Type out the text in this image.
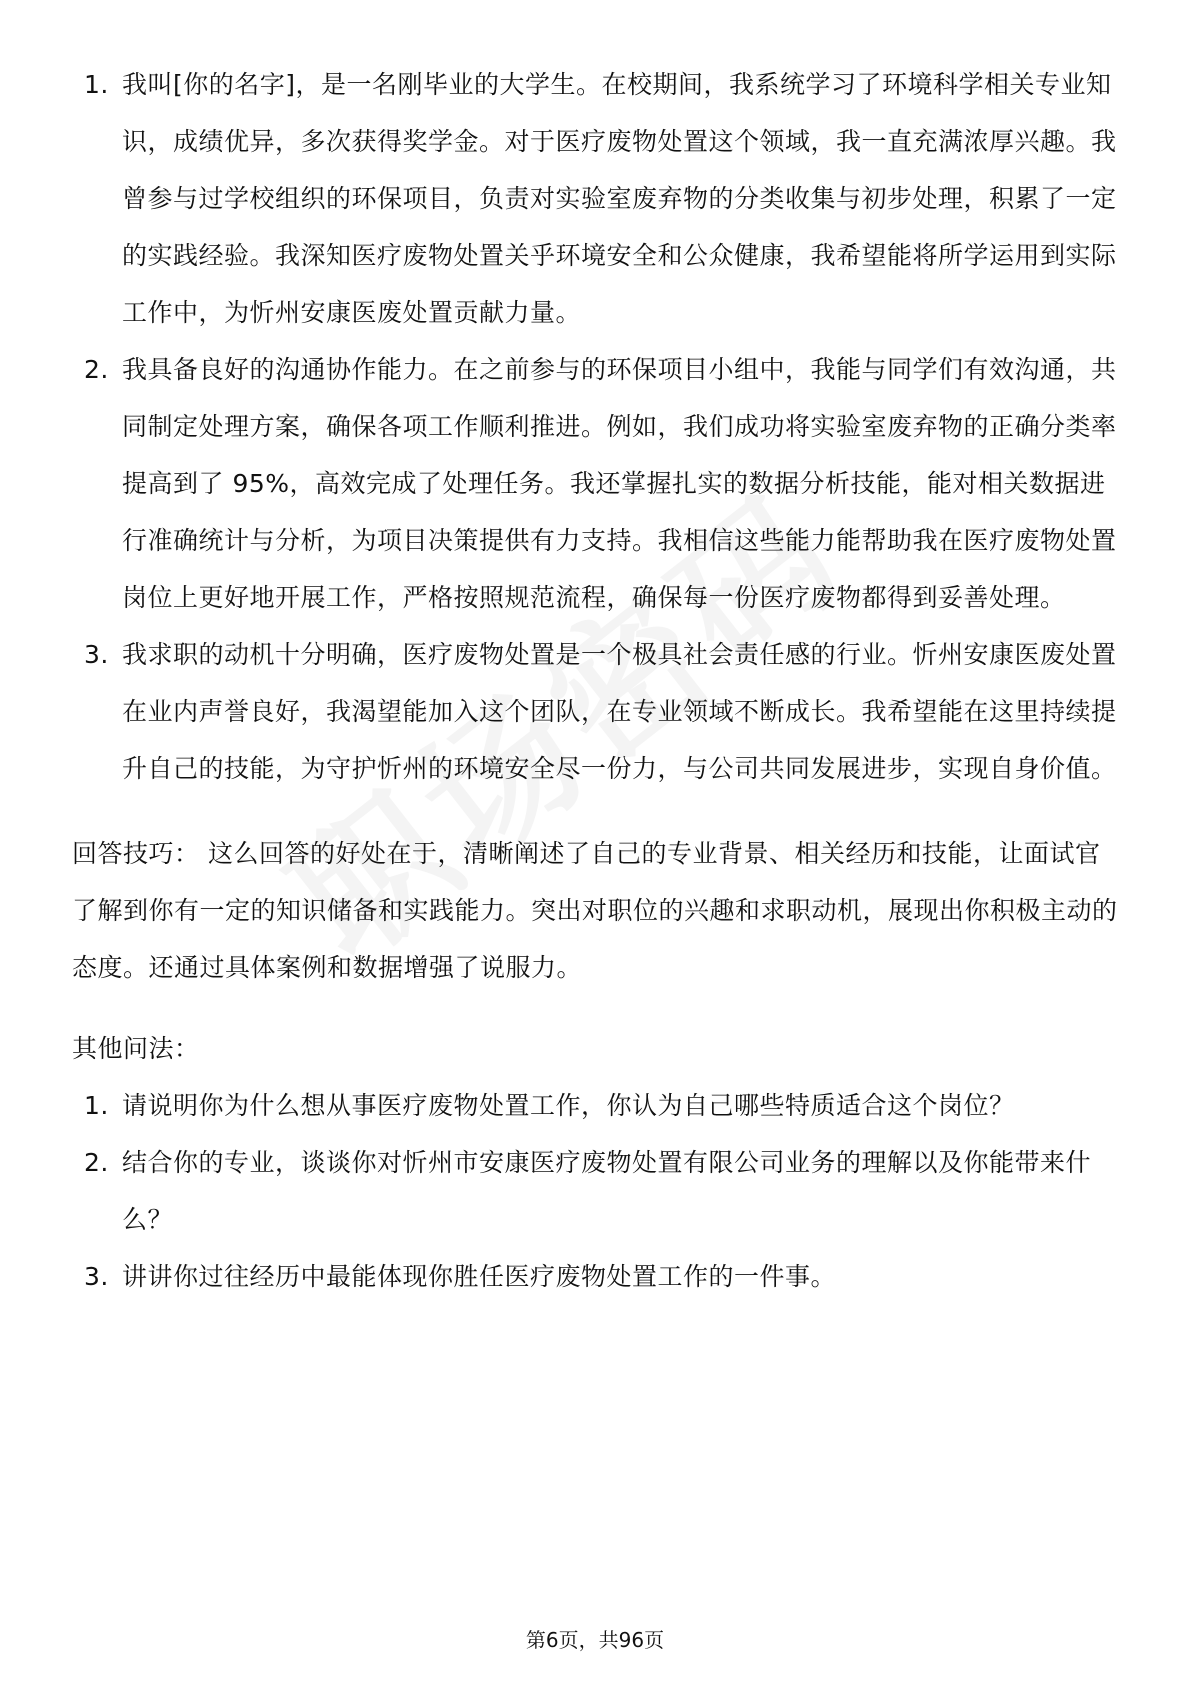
1. 我叫[你的名字]，是一名刚毕业的大学生。在校期间，我系统学习了环境科学相关专业知识，成绩优异，多次获得奖学金。对于医疗废物处置这个领域，我一直充满浓厚兴趣。我曾参与过学校组织的环保项目，负责对实验室废弃物的分类收集与初步处理，积累了一定的实践经验。我深知医疗废物处置关乎环境安全和公众健康，我希望能将所学运用到实际工作中，为忻州安康医废处置贡献力量。
2. 我具备良好的沟通协作能力。在之前参与的环保项目小组中，我能与同学们有效沟通，共同制定处理方案，确保各项工作顺利推进。例如，我们成功将实验室废弃物的正确分类率提高到了 95%，高效完成了处理任务。我还掌握扎实的数据分析技能，能对相关数据进行准确统计与分析，为项目决策提供有力支持。我相信这些能力能帮助我在医疗废物处置岗位上更好地开展工作，严格按照规范流程，确保每一份医疗废物都得到妥善处理。
3. 我求职的动机十分明确，医疗废物处置是一个极具社会责任感的行业。忻州安康医废处置在业内声誉良好，我渴望能加入这个团队，在专业领域不断成长。我希望能在这里持续提升自己的技能，为守护忻州的环境安全尽一份力，与公司共同发展进步，实现自身价值。

回答技巧： 这么回答的好处在于，清晰阐述了自己的专业背景、相关经历和技能，让面试官了解到你有一定的知识储备和实践能力。突出对职位的兴趣和求职动机，展现出你积极主动的态度。还通过具体案例和数据增强了说服力。

其他问法：

1. 请说明你为什么想从事医疗废物处置工作，你认为自己哪些特质适合这个岗位？
2. 结合你的专业，谈谈你对忻州市安康医疗废物处置有限公司业务的理解以及你能带来什么？
3. 讲讲你过往经历中最能体现你胜任医疗废物处置工作的一件事。
第6页，共96页
